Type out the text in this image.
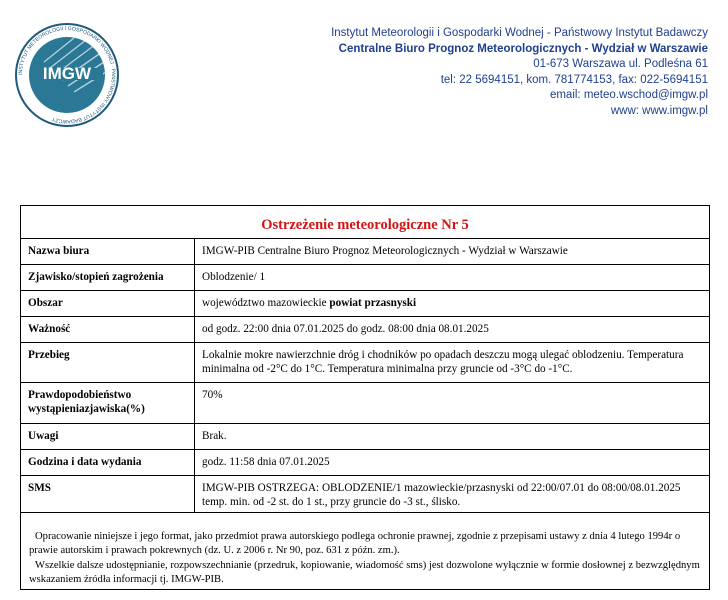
IMGW
INSTYTUT METEOROLOGII I GOSPODARKI WODNEJ · PAŃSTWOWY INSTYTUT BADAWCZY
Instytut Meteorologii i Gospodarki Wodnej - Państwowy Instytut Badawczy
Centralne Biuro Prognoz Meteorologicznych - Wydział w Warszawie
01-673 Warszawa ul. Podleśna 61
tel: 22 5694151, kom. 781774153, fax: 022-5694151
email: meteo.wschod@imgw.pl
www: www.imgw.pl
Ostrzeżenie meteorologiczne Nr 5
Nazwa biura	IMGW-PIB Centralne Biuro Prognoz Meteorologicznych - Wydział w Warszawie
Zjawisko/stopień zagrożenia	Oblodzenie/ 1
Obszar	województwo mazowieckie powiat przasnyski
Ważność	od godz. 22:00 dnia 07.01.2025 do godz. 08:00 dnia 08.01.2025
Przebieg	Lokalnie mokre nawierzchnie dróg i chodników po opadach deszczu mogą ulegać oblodzeniu. Temperatura minimalna od -2°C do 1°C. Temperatura minimalna przy gruncie od -3°C do -1°C.
Prawdopodobieństwo wystąpieniazjawiska(%)	70%
Uwagi	Brak.
Godzina i data wydania	godz. 11:58 dnia 07.01.2025
SMS	IMGW-PIB OSTRZEGA: OBLODZENIE/1 mazowieckie/przasnyski od 22:00/07.01 do 08:00/08.01.2025 temp. min. od -2 st. do 1 st., przy gruncie do -3 st., ślisko.

Opracowanie niniejsze i jego format, jako przedmiot prawa autorskiego podlega ochronie prawnej, zgodnie z przepisami ustawy z dnia 4 lutego 1994r o prawie autorskim i prawach pokrewnych (dz. U. z 2006 r. Nr 90, poz. 631 z późn. zm.).

Wszelkie dalsze udostępnianie, rozpowszechnianie (przedruk, kopiowanie, wiadomość sms) jest dozwolone wyłącznie w formie dosłownej z bezwzględnym wskazaniem źródła informacji tj. IMGW-PIB.
